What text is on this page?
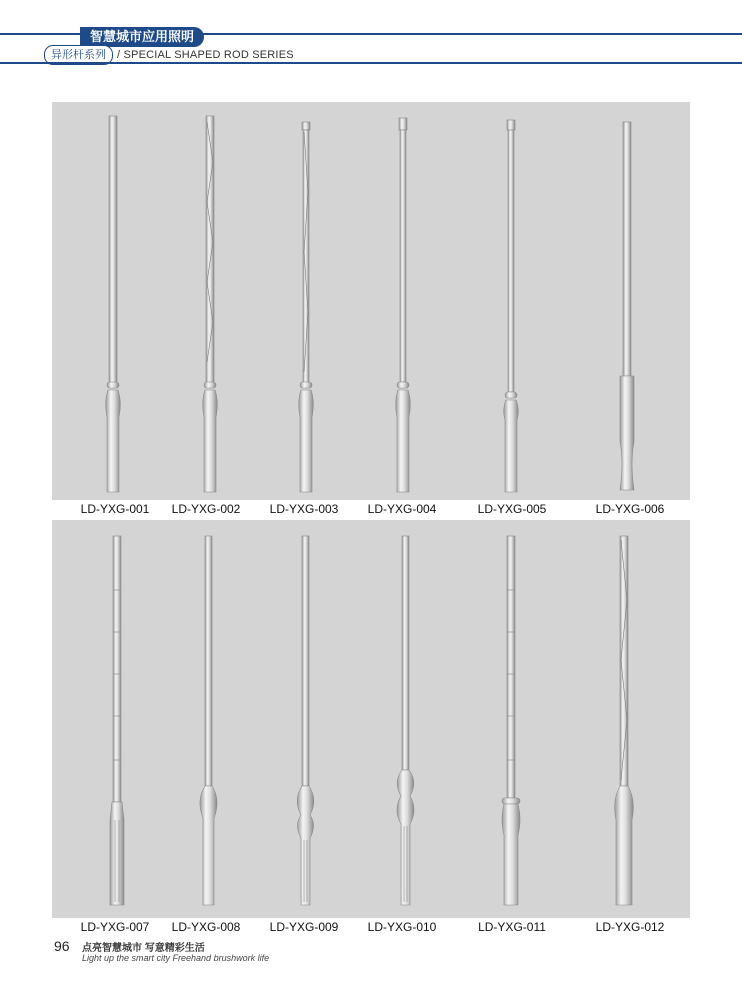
智慧城市应用照明
异形杆系列 / SPECIAL SHAPED ROD SERIES
LD-YXG-001 LD-YXG-002 LD-YXG-003 LD-YXG-004	LD-YXG-005	LD-YXG-006
LD-YXG-007 LD-YXG-008 LD-YXG-009 LD-YXG-010	LD-YXG-011	LD-YXG-012
96 点亮智慧城市 写意精彩生活
Light up the smart city Freehand brushwork life
